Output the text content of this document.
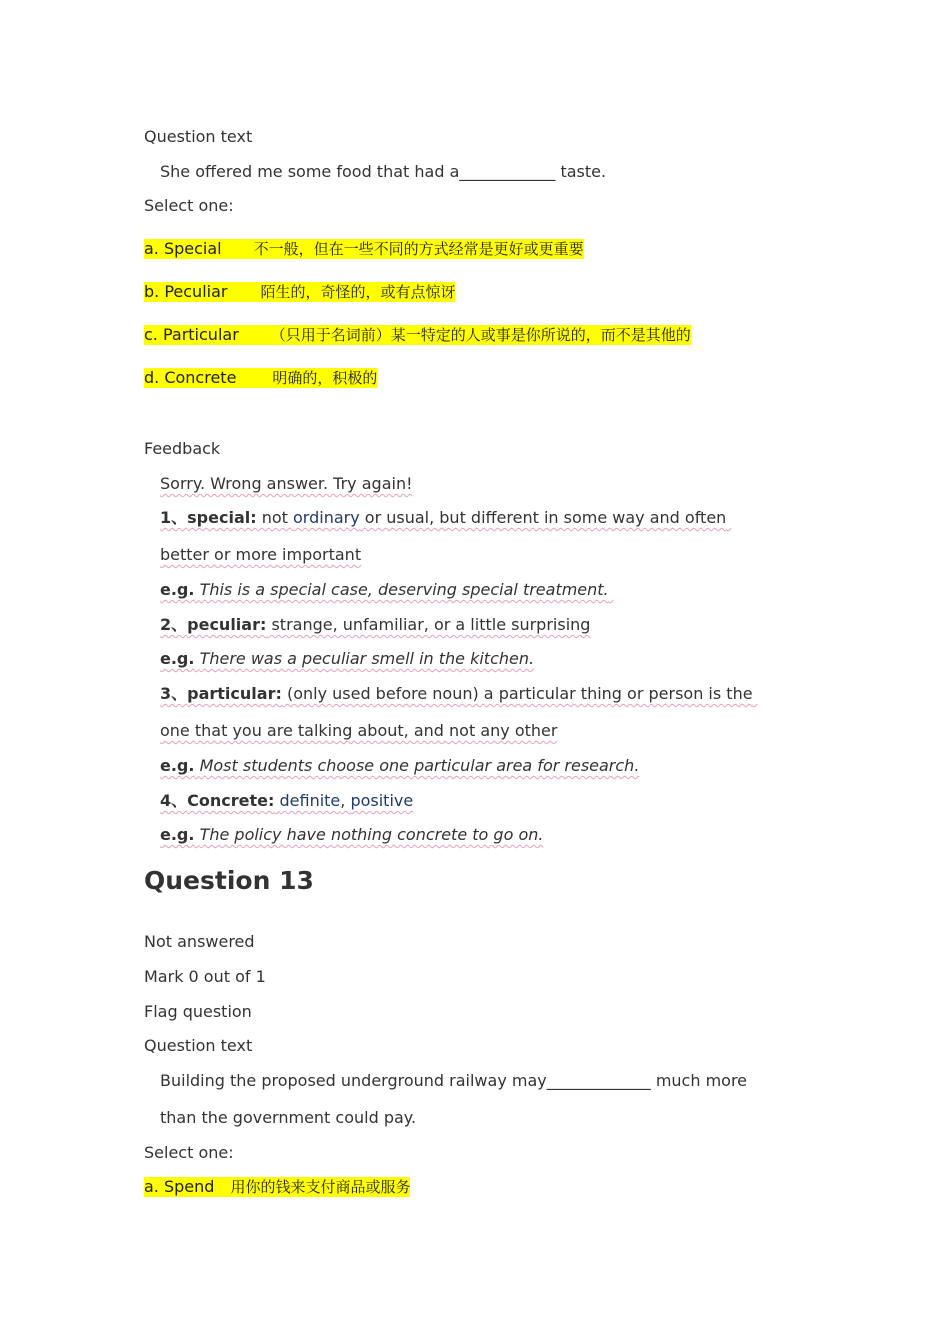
Question text
She offered me some food that had a____________ taste.
Select one:
a. Special 不一般，但在一些不同的方式经常是更好或更重要
b. Peculiar 陌生的，奇怪的，或有点惊讶
c. Particular （只用于名词前）某一特定的人或事是你所说的，而不是其他的
d. Concrete 明确的，积极的
Feedback
Sorry. Wrong answer. Try again!
1、special: not ordinary or usual, but different in some way and often
better or more important
e.g. This is a special case, deserving special treatment.
2、peculiar: strange, unfamiliar, or a little surprising
e.g. There was a peculiar smell in the kitchen.
3、particular: (only used before noun) a particular thing or person is the
one that you are talking about, and not any other
e.g. Most students choose one particular area for research.
4、Concrete: definite, positive
e.g. The policy have nothing concrete to go on.
Question 13
Not answered
Mark 0 out of 1
Flag question
Question text
Building the proposed underground railway may_____________ much more
than the government could pay.
Select one:
a. Spend 用你的钱来支付商品或服务
